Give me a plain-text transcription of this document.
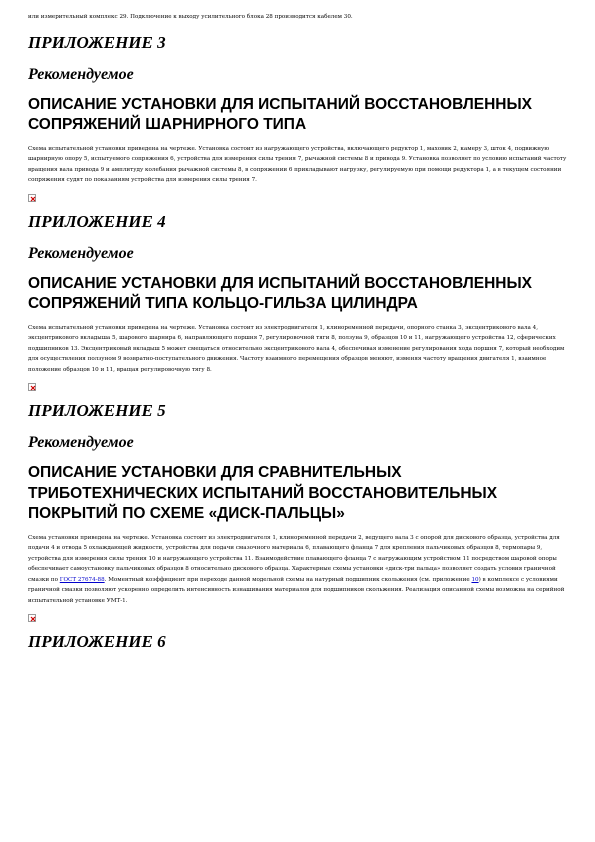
или измерительный комплекс 29. Подключение к выходу усилительного блока 28 производится кабелем 30.

ПРИЛОЖЕНИЕ 3
Рекомендуемое
ОПИСАНИЕ УСТАНОВКИ ДЛЯ ИСПЫТАНИЙ ВОССТАНОВЛЕННЫХ СОПРЯЖЕНИЙ ШАРНИРНОГО ТИПА

Схема испытательной установки приведена на чертеже. Установка состоит из нагружающего устройства, включающего редуктор 1, маховик 2, камеру 3, шток 4, подвижную шарнирную опору 5, испытуемого сопряжения 6, устройства для измерения силы трения 7, рычажной системы 8 и привода 9. Установка позволяет по условию испытаний частоту вращения вала привода 9 и амплитуду колебания рычажной системы 8, в сопряжении 6 прикладывают нагрузку, регулируемую при помощи редуктора 1, а в текущем состоянии сопряжения судят по показаниям устройства для измерения силы трения 7.

ПРИЛОЖЕНИЕ 4
Рекомендуемое
ОПИСАНИЕ УСТАНОВКИ ДЛЯ ИСПЫТАНИЙ ВОССТАНОВЛЕННЫХ СОПРЯЖЕНИЙ ТИПА КОЛЬЦО-ГИЛЬЗА ЦИЛИНДРА

Схема испытательной установки приведена на чертеже. Установка состоит из электродвигателя 1, клиноременной передачи, опорного станка 3, эксцентрикового вала 4, эксцентрикового вкладыша 5, шарового шарнира 6, направляющего поршня 7, регулировочной тяги 8, ползуна 9, образцов 10 и 11, нагружающего устройства 12, сферических подшипников 13. Эксцентриковый вкладыш 5 может смещаться относительно эксцентрикового вала 4, обеспечивая изменение регулирования хода поршня 7, который необходим для осуществления ползуном 9 возвратно-поступательного движения. Частоту взаимного перемещения образцов меняют, изменяя частоту вращения двигателя 1, взаимное положение образцов 10 и 11, вращая регулировочную тягу 8.

ПРИЛОЖЕНИЕ 5
Рекомендуемое
ОПИСАНИЕ УСТАНОВКИ ДЛЯ СРАВНИТЕЛЬНЫХ ТРИБОТЕХНИЧЕСКИХ ИСПЫТАНИЙ ВОССТАНОВИТЕЛЬНЫХ ПОКРЫТИЙ ПО СХЕМЕ «ДИСК-ПАЛЬЦЫ»

Схема установки приведена на чертеже. Установка состоит из электродвигателя 1, клиноременной передачи 2, ведущего вала 3 с опорой для дискового образца, устройства для подачи 4 и отвода 5 охлаждающей жидкости, устройства для подачи смазочного материала 6, плавающего фланца 7 для крепления пальчиковых образцов 8, термопары 9, устройства для измерения силы трения 10 и нагружающего устройства 11. Взаимодействие плавающего фланца 7 с нагружающим устройством 11 посредством шаровой опоры обеспечивает самоустановку пальчиковых образцов 8 относительно дискового образца. Характерные схемы установки «диск-три пальца» позволяет создать условия граничной смазки по ГОСТ 27674-88. Моментный коэффициент при переходе данной модельной схемы на натурный подшипник скольжения (см. приложение 10) в комплексе с условиями граничной смазки позволяют ускоренно определить интенсивность изнашивания материалов для подшипников скольжения. Реализация описанной схемы возможна на серийной испытательной установке УМТ-1.

ПРИЛОЖЕНИЕ 6
